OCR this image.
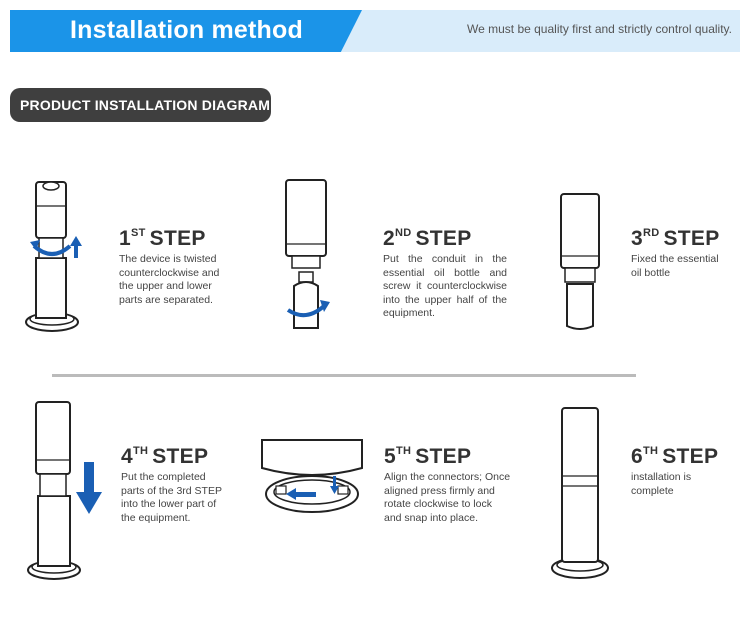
Installation method	We must be quality first and strictly control quality.
PRODUCT INSTALLATION DIAGRAM
1ST STEP
The device is twisted counterclockwise and the upper and lower parts are separated.
2ND STEP
Put the conduit in the essential oil bottle and screw it counterclockwise into the upper half of the equipment.
3RD STEP
Fixed the essential oil bottle
4TH STEP
Put the completed parts of the 3rd STEP into the lower part of the equipment.
5TH STEP
Align the connectors; Once aligned press firmly and rotate clockwise to lock and snap into place.
6TH STEP
installation is complete
